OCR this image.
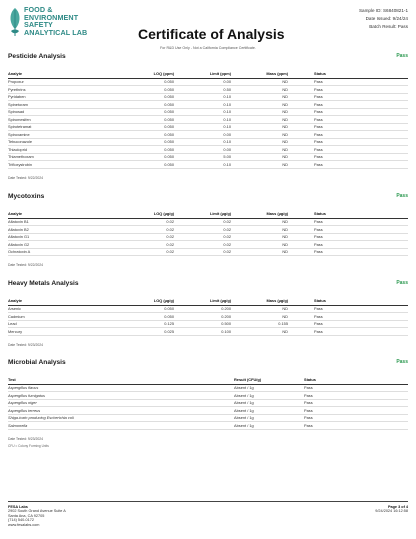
FOOD &
ENVIRONMENT
SAFETY
ANALYTICAL LAB	Certificate of Analysis
Sample ID: S6840821-1
Date Issued: 9/24/24
Batch Result: Pass
For R&D Use Only - Not a California Compliance Certificate.
Pesticide Analysis	Pass
Analyte	LOQ (ppm)	Limit (ppm)	Mass (ppm)	Status
Propoxur	0.050	0.00	ND	Pass
Pyrethrins	0.050	0.50	ND	Pass
Pyridaben	0.050	0.10	ND	Pass
Spinetoram	0.050	0.10	ND	Pass
Spinosad	0.050	0.10	ND	Pass
Spiromesifen	0.050	0.10	ND	Pass
Spirotetramat	0.050	0.10	ND	Pass
Spiroxamine	0.050	0.00	ND	Pass
Tebuconazole	0.050	0.10	ND	Pass
Thiacloprid	0.050	0.00	ND	Pass
Thiamethoxam	0.050	5.00	ND	Pass
Trifloxystrobin	0.050	0.10	ND	Pass
Date Tested: 9/22/2024
Mycotoxins	Pass
Analyte	LOQ (µg/g)	Limit (µg/g)	Mass (µg/g)	Status
Aflatoxin B1	0.02	0.02	ND	Pass
Aflatoxin B2	0.02	0.02	ND	Pass
Aflatoxin G1	0.02	0.02	ND	Pass
Aflatoxin G2	0.02	0.02	ND	Pass
Ochratoxin A	0.02	0.02	ND	Pass
Date Tested: 9/22/2024
Heavy Metals Analysis	Pass
Analyte	LOQ (µg/g)	Limit (µg/g)	Mass (µg/g)	Status
Arsenic	0.050	0.200	ND	Pass
Cadmium	0.050	0.200	ND	Pass
Lead	0.125	0.500	0.155	Pass
Mercury	0.025	0.100	ND	Pass
Date Tested: 9/23/2024
Microbial Analysis	Pass
Test	Result (CFU/g)	Status
Aspergillus flavus	Absent / 1g	Pass
Aspergillus fumigatus	Absent / 1g	Pass
Aspergillus niger	Absent / 1g	Pass
Aspergillus terreus	Absent / 1g	Pass
Shiga-toxin producing Escherichia coli	Absent / 1g	Pass
Salmonella	Absent / 1g	Pass
Date Tested: 9/23/2024
CFU = Colony Forming Units
FESA Labs
2902 South Grand Avenue Suite A
Santa Ana, CA 92705
(714) 540-0172
www.fesalabs.com
Page 3 of 4
9/24/2024 16:12:58
